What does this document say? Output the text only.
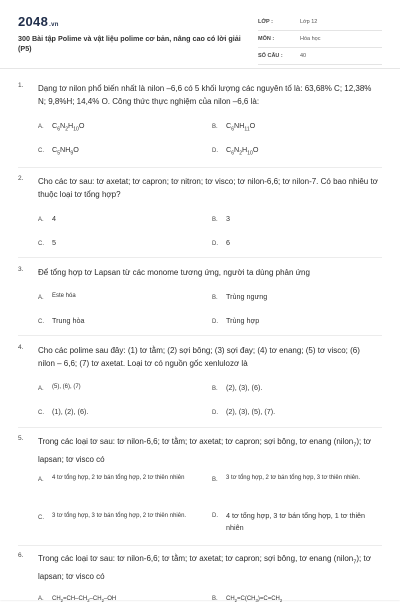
2048.vn
300 Bài tập Polime và vật liệu polime cơ bản, nâng cao có lời giải (P5)
LỚP :	Lớp 12
MÔN :	Hóa học
SỐ CÂU :	40
1. Dạng tơ nilon phổ biến nhất là nilon –6,6 có 5 khối lượng các nguyên tố là: 63,68% C; 12,38% N; 9,8%H; 14,4% O. Công thức thực nghiệm của nilon –6,6 là:
A. $C_6N_2H_{10}O$	B. $C_6NH_{11}O$
C. $C_5NH_9O$	D. $C_6N_2H_{10}O$
2. Cho các tơ sau: tơ axetat; tơ capron; tơ nitron; tơ visco; tơ nilon-6,6; tơ nilon-7. Có bao nhiêu tơ thuộc loại tơ tổng hợp?
A. 4	B. 3
C. 5	D. 6
3. Để tổng hợp tơ Lapsan từ các monome tương ứng, người ta dùng phản ứng
A. Este hóa	B. Trùng ngưng
C. Trung hòa	D. Trùng hợp
4. Cho các polime sau đây: (1) tơ tằm; (2) sợi bông; (3) sợi đay; (4) tơ enang; (5) tơ visco; (6) nilon – 6,6; (7) tơ axetat. Loại tơ có nguồn gốc xenlulozơ là
A. (5), (6), (7)	B. (2), (3), (6).
C. (1), (2), (6).	D. (2), (3), (5), (7).
5. Trong các loại tơ sau: tơ nilon-6,6; tơ tằm; tơ axetat; tơ capron; sợi bông, tơ enang (nilon$_7$); tơ lapsan; tơ visco có
A. 4 tơ tổng hợp, 2 tơ bán tổng hợp, 2 tơ thiên nhiên	B. 3 tơ tổng hợp, 2 tơ bán tổng hợp, 3 tơ thiên nhiên.
C. 3 tơ tổng hợp, 3 tơ bán tổng hợp, 2 tơ thiên nhiên.	D. 4 tơ tổng hợp, 3 tơ bán tổng hợp, 1 tơ thiên nhiên
6. Trong các loại tơ sau: tơ nilon-6,6; tơ tằm; tơ axetat; tơ capron; sợi bông, tơ enang (nilon$_7$); tơ lapsan; tơ visco có
A. $CH_2=CH-CH_2-CH_2-OH$	B. $CH_2=C(CH_3)=C=CH_2$
